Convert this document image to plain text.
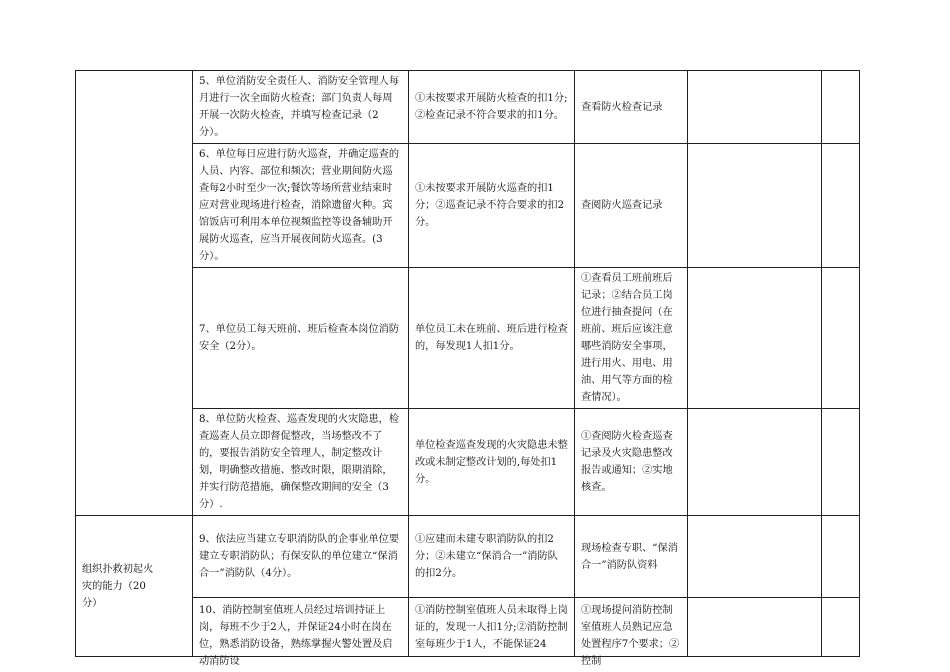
	5、单位消防安全责任人、消防安全管理人每月进行一次全面防火检查；部门负责人每周开展一次防火检查，并填写检查记录（2分）。	①未按要求开展防火检查的扣1分;②检查记录不符合要求的扣1分。	查看防火检查记录		

	6、单位每日应进行防火巡查，并确定巡查的人员、内容、部位和频次；营业期间防火巡查每2小时至少一次;餐饮等场所营业结束时应对营业现场进行检查，消除遗留火种。宾馆饭店可利用本单位视频监控等设备辅助开展防火巡查，应当开展夜间防火巡查。(3分）。	①未按要求开展防火巡查的扣1分；②巡查记录不符合要求的扣2分。	查阅防火巡查记录		

	7、单位员工每天班前、班后检查本岗位消防安全（2分）。	单位员工未在班前、班后进行检查的，每发现1人扣1分。	①查看员工班前班后记录；②结合员工岗位进行抽查提问（在班前、班后应该注意哪些消防安全事项，进行用火、用电、用油、用气等方面的检查情况）。		

	8、单位防火检查、巡查发现的火灾隐患，检查巡查人员立即督促整改，当场整改不了的，要报告消防安全管理人，制定整改计划，明确整改措施、整改时限，限期消除，并实行防范措施，确保整改期间的安全（3分）.	单位检查巡查发现的火灾隐患未整改或未制定整改计划的,每处扣1分。	①查阅防火检查巡查记录及火灾隐患整改报告或通知；②实地核查。		

组织扑救初起火灾的能力（20分）	9、依法应当建立专职消防队的企事业单位要建立专职消防队；有保安队的单位建立“保消合一”消防队（4分）。	①应建而未建专职消防队的扣2分；②未建立“保消合一”消防队的扣2分。	现场检查专职、“保消合一”消防队资料		

	10、消防控制室值班人员经过培训持证上岗，每班不少于2人，并保证24小时在岗在位，熟悉消防设备，熟练掌握火警处置及启动消防设	①消防控制室值班人员未取得上岗证的，发现一人扣1分;②消防控制室每班少于1人，不能保证24	①现场提问消防控制室值班人员熟记应急处置程序7个要求；②控制		
